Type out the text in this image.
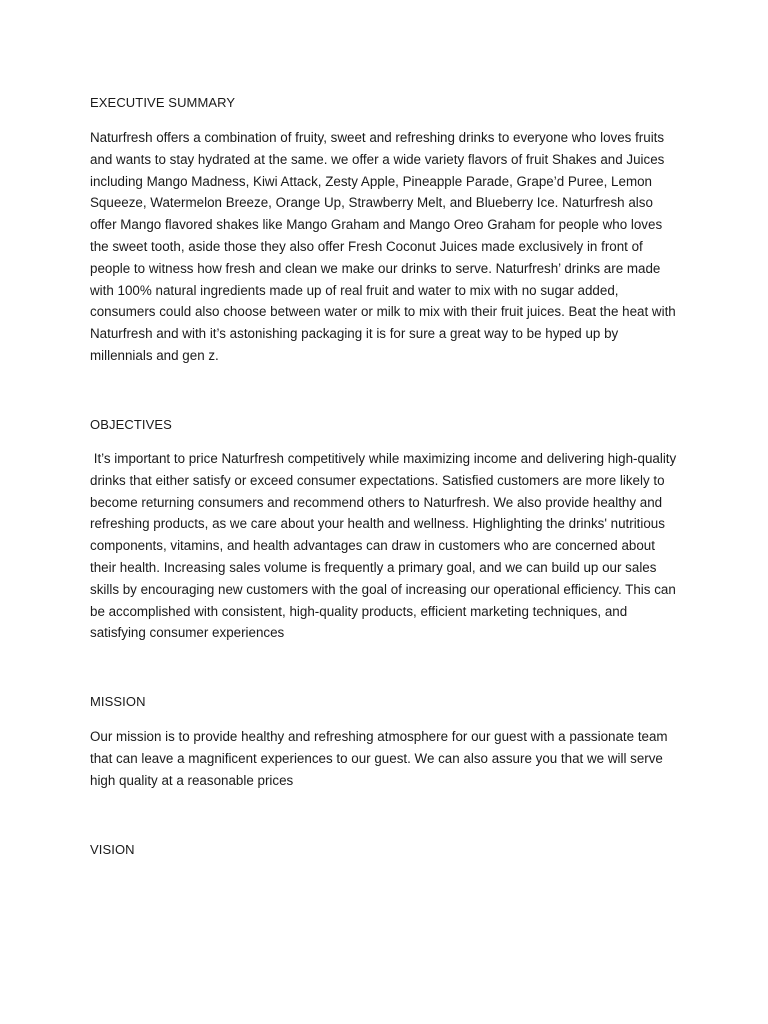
EXECUTIVE SUMMARY

Naturfresh offers a combination of fruity, sweet and refreshing drinks to everyone who loves fruits and wants to stay hydrated at the same. we offer a wide variety flavors of fruit Shakes and Juices including Mango Madness, Kiwi Attack, Zesty Apple, Pineapple Parade, Grape’d Puree, Lemon Squeeze, Watermelon Breeze, Orange Up, Strawberry Melt, and Blueberry Ice. Naturfresh also offer Mango flavored shakes like Mango Graham and Mango Oreo Graham for people who loves the sweet tooth, aside those they also offer Fresh Coconut Juices made exclusively in front of people to witness how fresh and clean we make our drinks to serve. Naturfresh’ drinks are made with 100% natural ingredients made up of real fruit and water to mix with no sugar added, consumers could also choose between water or milk to mix with their fruit juices. Beat the heat with Naturfresh and with it’s astonishing packaging it is for sure a great way to be hyped up by millennials and gen z.

OBJECTIVES

It’s important to price Naturfresh competitively while maximizing income and delivering high-quality drinks that either satisfy or exceed consumer expectations. Satisfied customers are more likely to become returning consumers and recommend others to Naturfresh. We also provide healthy and refreshing products, as we care about your health and wellness. Highlighting the drinks' nutritious components, vitamins, and health advantages can draw in customers who are concerned about their health. Increasing sales volume is frequently a primary goal, and we can build up our sales skills by encouraging new customers with the goal of increasing our operational efficiency. This can be accomplished with consistent, high-quality products, efficient marketing techniques, and satisfying consumer experiences

MISSION

Our mission is to provide healthy and refreshing atmosphere for our guest with a passionate team that can leave a magnificent experiences to our guest. We can also assure you that we will serve high quality at a reasonable prices

VISION
